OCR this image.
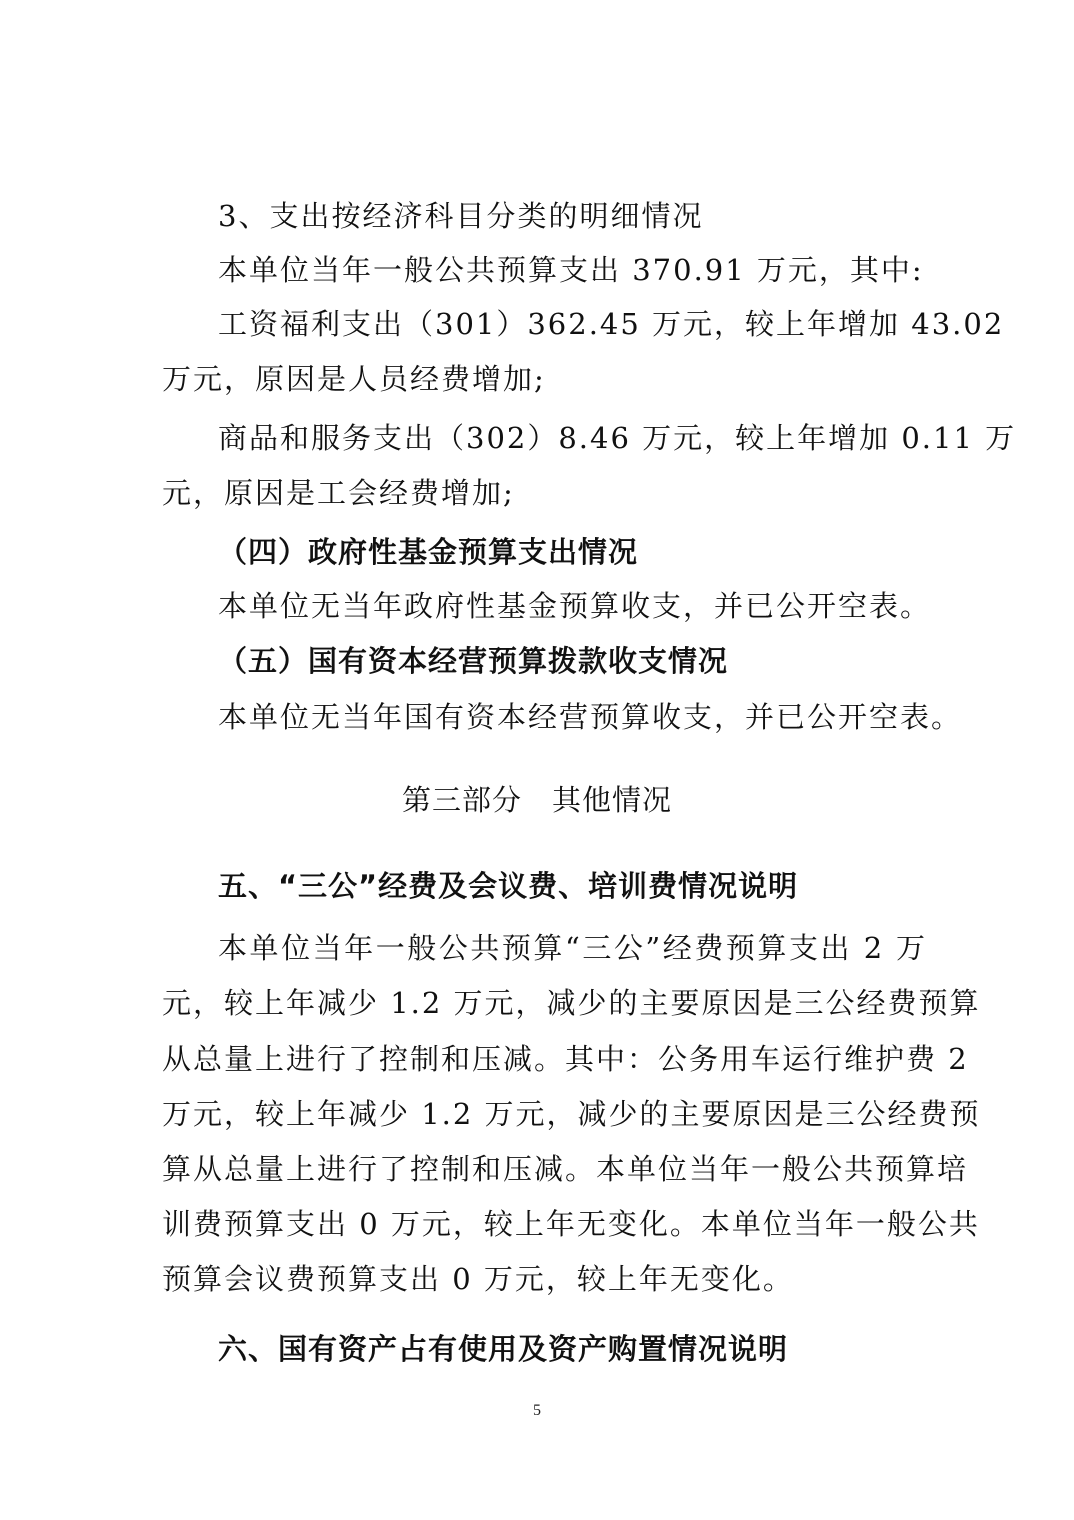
3、支出按经济科目分类的明细情况
本单位当年一般公共预算支出 370.91 万元，其中:
工资福利支出（301）362.45 万元，较上年增加 43.02
万元，原因是人员经费增加;
商品和服务支出（302）8.46 万元，较上年增加 0.11 万
元，原因是工会经费增加;
（四）政府性基金预算支出情况
本单位无当年政府性基金预算收支，并已公开空表。
（五）国有资本经营预算拨款收支情况
本单位无当年国有资本经营预算收支，并已公开空表。
第三部分　其他情况
五、“三公”经费及会议费、培训费情况说明
本单位当年一般公共预算“三公”经费预算支出 2 万
元，较上年减少 1.2 万元，减少的主要原因是三公经费预算
从总量上进行了控制和压减。其中：公务用车运行维护费 2
万元，较上年减少 1.2 万元，减少的主要原因是三公经费预
算从总量上进行了控制和压减。本单位当年一般公共预算培
训费预算支出 0 万元，较上年无变化。本单位当年一般公共
预算会议费预算支出 0 万元，较上年无变化。
六、国有资产占有使用及资产购置情况说明
5
